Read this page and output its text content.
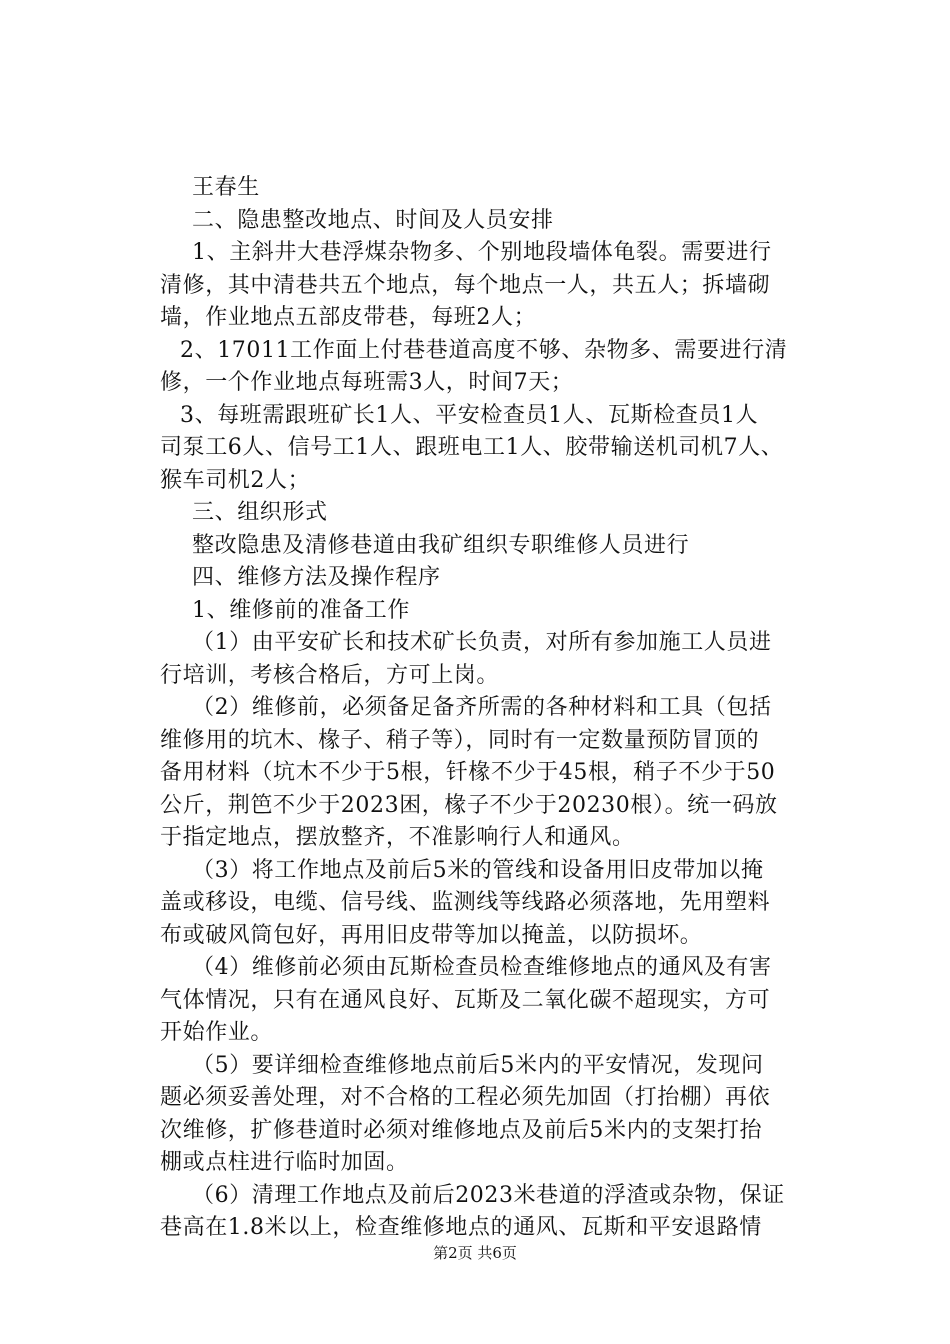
王春生
二、隐患整改地点、时间及人员安排
1、主斜井大巷浮煤杂物多、个别地段墙体龟裂。需要进行
清修，其中清巷共五个地点，每个地点一人，共五人；拆墙砌
墙，作业地点五部皮带巷，每班2人；
2、17011工作面上付巷巷道高度不够、杂物多、需要进行清
修，一个作业地点每班需3人，时间7天；
3、每班需跟班矿长1人、平安检查员1人、瓦斯检查员1人
司泵工6人、信号工1人、跟班电工1人、胶带输送机司机7人、
猴车司机2人；
三、组织形式
整改隐患及清修巷道由我矿组织专职维修人员进行
四、维修方法及操作程序
1、维修前的准备工作
（1）由平安矿长和技术矿长负责，对所有参加施工人员进
行培训，考核合格后，方可上岗。
（2）维修前，必须备足备齐所需的各种材料和工具（包括
维修用的坑木、椽子、稍子等），同时有一定数量预防冒顶的
备用材料（坑木不少于5根，钎椽不少于45根，稍子不少于50
公斤，荆笆不少于2023困，椽子不少于20230根）。统一码放
于指定地点，摆放整齐，不准影响行人和通风。
（3）将工作地点及前后5米的管线和设备用旧皮带加以掩
盖或移设，电缆、信号线、监测线等线路必须落地，先用塑料
布或破风筒包好，再用旧皮带等加以掩盖，以防损坏。
（4）维修前必须由瓦斯检查员检查维修地点的通风及有害
气体情况，只有在通风良好、瓦斯及二氧化碳不超现实，方可
开始作业。
（5）要详细检查维修地点前后5米内的平安情况，发现问
题必须妥善处理，对不合格的工程必须先加固（打抬棚）再依
次维修，扩修巷道时必须对维修地点及前后5米内的支架打抬
棚或点柱进行临时加固。
（6）清理工作地点及前后2023米巷道的浮渣或杂物，保证
巷高在1.8米以上，检查维修地点的通风、瓦斯和平安退路情
第2页 共6页
